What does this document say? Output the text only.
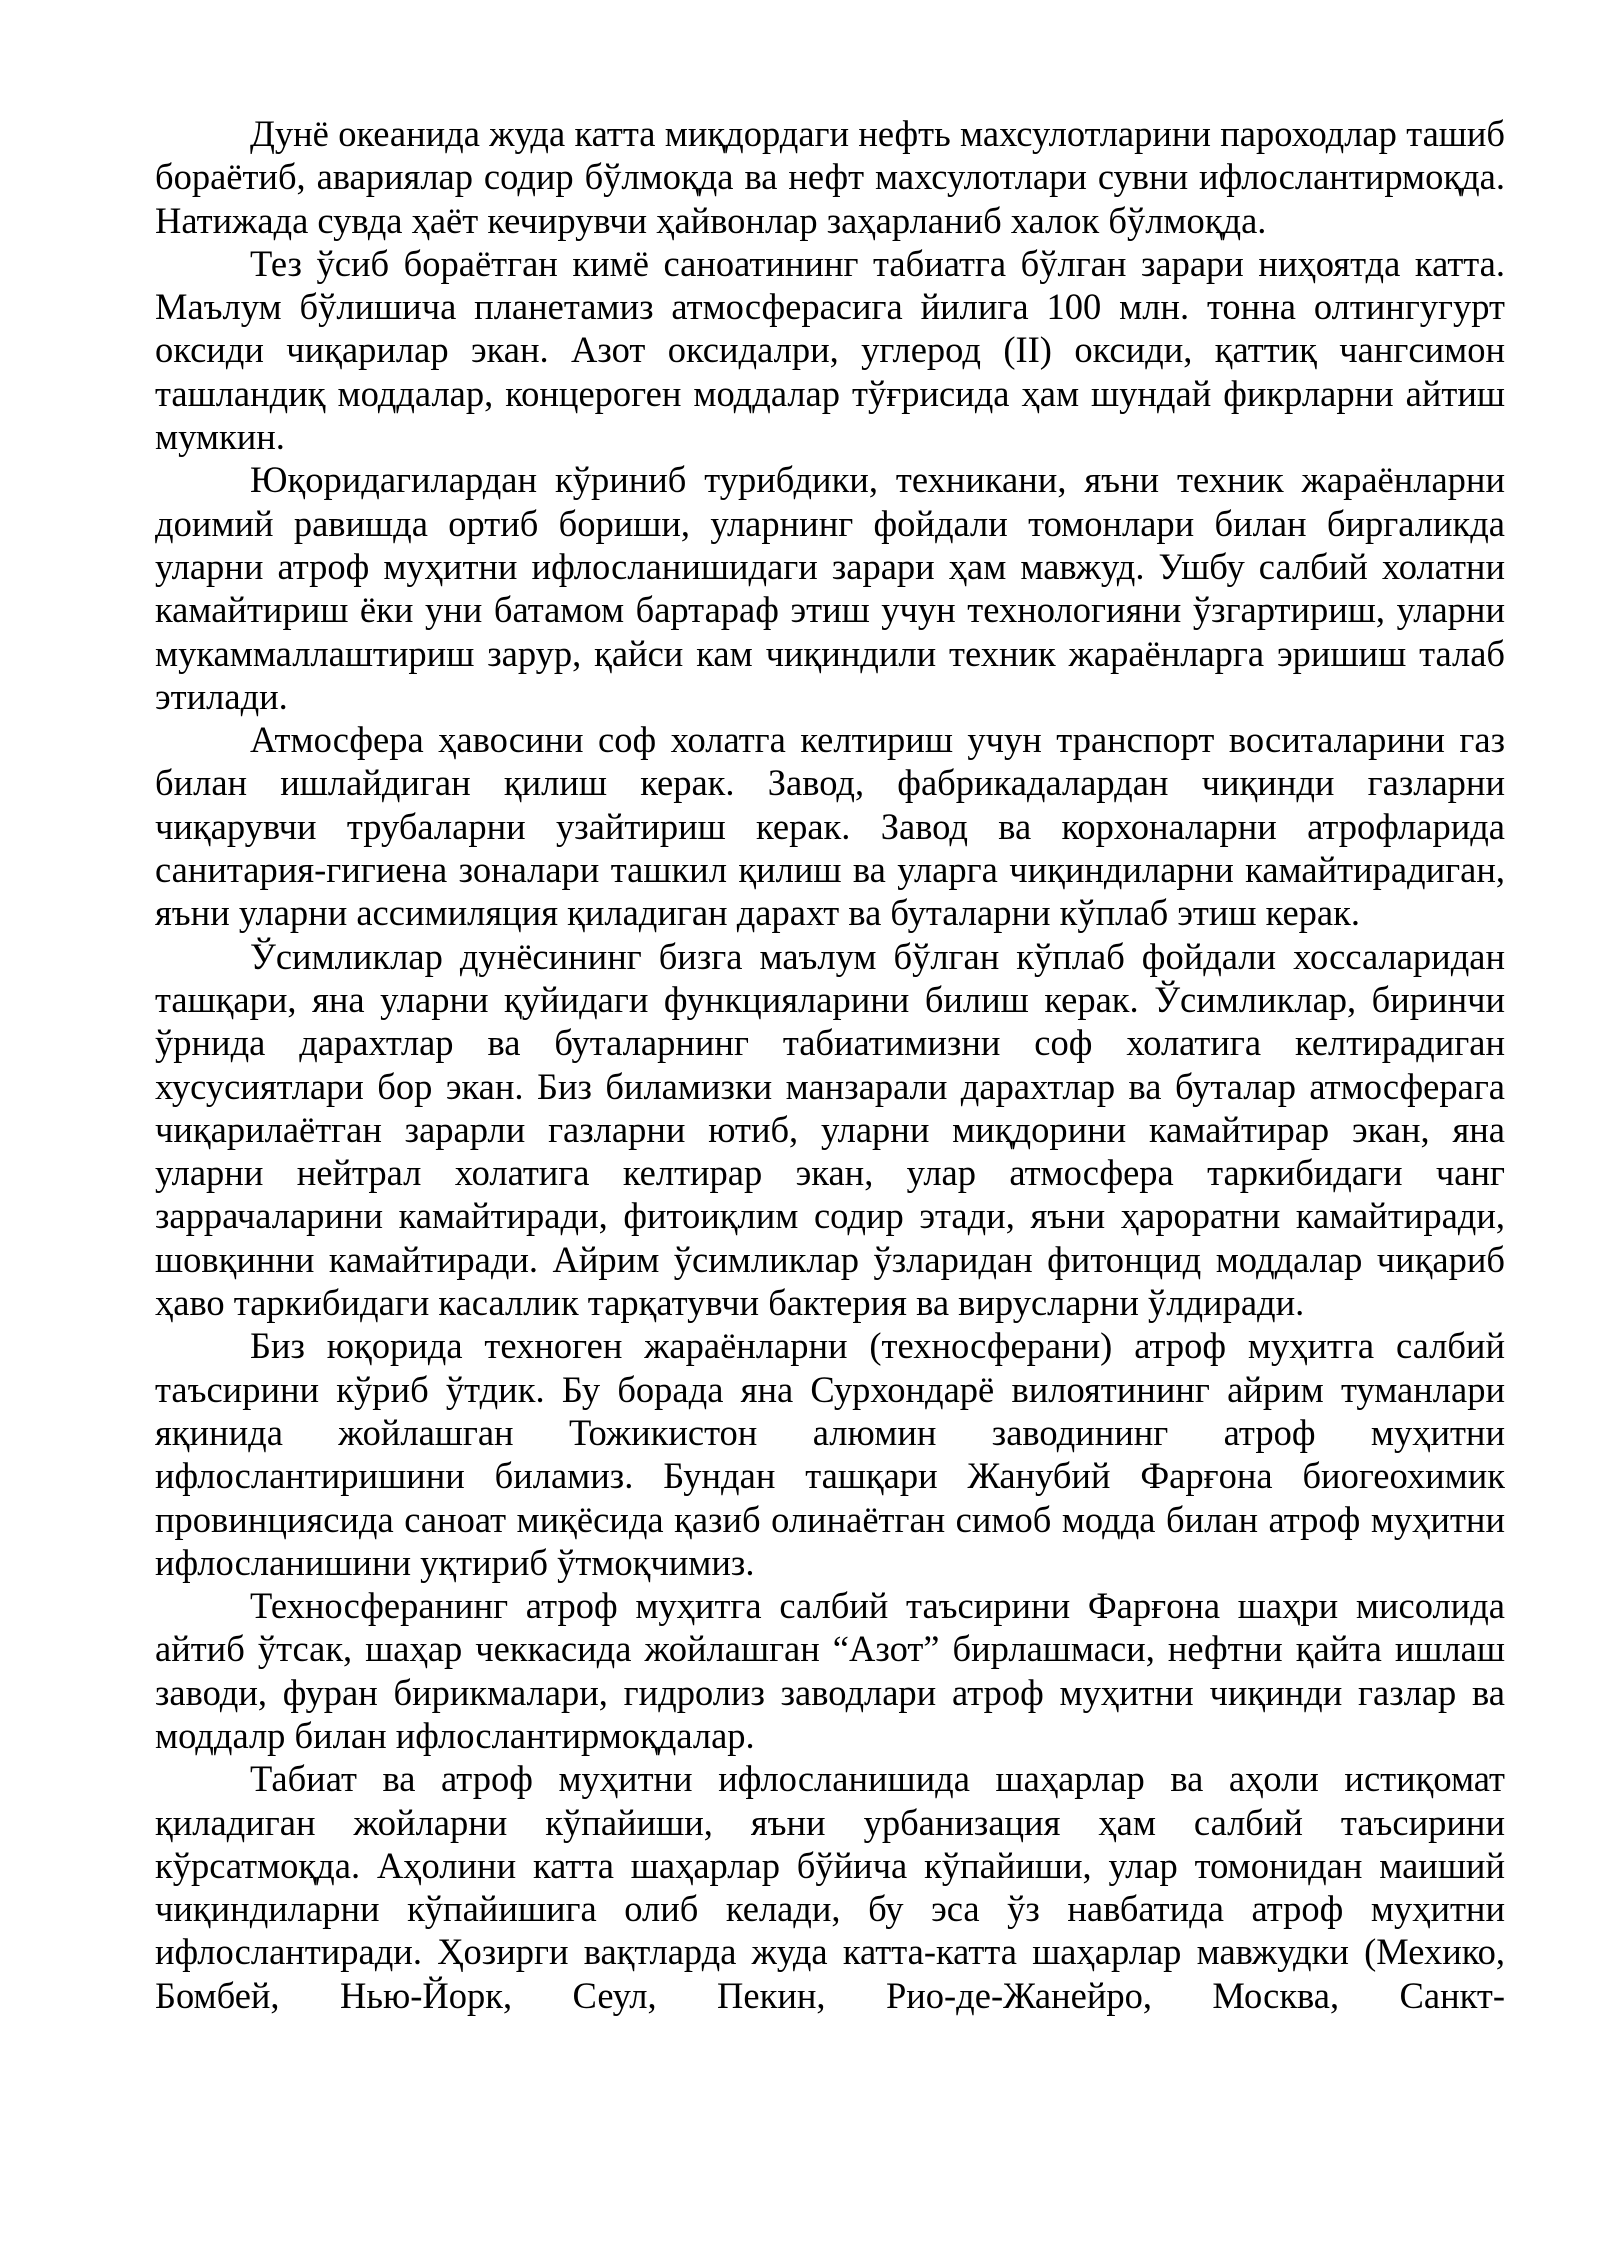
Дунё океанида жуда катта миқдордаги нефть махсулотларини пароходлар ташиб бораётиб, авариялар содир бўлмоқда ва нефт махсулотлари сувни ифлослантирмоқда. Натижада сувда ҳаёт кечирувчи ҳайвонлар заҳарланиб халок бўлмоқда.

Тез ўсиб бораётган кимё саноатининг табиатга бўлган зарари ниҳоятда катта. Маълум бўлишича планетамиз атмосферасига йилига 100 млн. тонна олтингугурт оксиди чиқарилар экан. Азот оксидалри, углерод (II) оксиди, қаттиқ чангсимон ташландиқ моддалар, концероген моддалар тўғрисида ҳам шундай фикрларни айтиш мумкин.

Юқоридагилардан кўриниб турибдики, техникани, яъни техник жараёнларни доимий равишда ортиб бориши, уларнинг фойдали томонлари билан биргаликда уларни атроф муҳитни ифлосланишидаги зарари ҳам мавжуд. Ушбу салбий холатни камайтириш ёки уни батамом бартараф этиш учун технологияни ўзгартириш, уларни мукаммаллаштириш зарур, қайси кам чиқиндили техник жараёнларга эришиш талаб этилади.

Атмосфера ҳавосини соф холатга келтириш учун транспорт воситаларини газ билан ишлайдиган қилиш керак. Завод, фабрикадалардан чиқинди газларни чиқарувчи трубаларни узайтириш керак. Завод ва корхоналарни атрофларида санитария-гигиена зоналари ташкил қилиш ва уларга чиқиндиларни камайтирадиган, яъни уларни ассимиляция қиладиган дарахт ва буталарни кўплаб этиш керак.

Ўсимликлар дунёсининг бизга маълум бўлган кўплаб фойдали хоссаларидан ташқари, яна уларни қуйидаги функцияларини билиш керак. Ўсимликлар, биринчи ўрнида дарахтлар ва буталарнинг табиатимизни соф холатига келтирадиган хусусиятлари бор экан. Биз биламизки манзарали дарахтлар ва буталар атмосферага чиқарилаётган зарарли газларни ютиб, уларни миқдорини камайтирар экан, яна уларни нейтрал холатига келтирар экан, улар атмосфера таркибидаги чанг заррачаларини камайтиради, фитоиқлим содир этади, яъни ҳароратни камайтиради, шовқинни камайтиради. Айрим ўсимликлар ўзларидан фитонцид моддалар чиқариб ҳаво таркибидаги касаллик тарқатувчи бактерия ва вирусларни ўлдиради.

Биз юқорида техноген жараёнларни (техносферани) атроф муҳитга салбий таъсирини кўриб ўтдик. Бу борада яна Сурхондарё вилоятининг айрим туманлари яқинида жойлашган Тожикистон алюмин заводининг атроф муҳитни ифлослантиришини биламиз. Бундан ташқари Жанубий Фарғона биогеохимик провинциясида саноат миқёсида қазиб олинаётган симоб модда билан атроф муҳитни ифлосланишини уқтириб ўтмоқчимиз.

Техносферанинг атроф муҳитга салбий таъсирини Фарғона шаҳри мисолида айтиб ўтсак, шаҳар чеккасида жойлашган “Азот” бирлашмаси, нефтни қайта ишлаш заводи, фуран бирикмалари, гидролиз заводлари атроф муҳитни чиқинди газлар ва моддалр билан ифлослантирмоқдалар.

Табиат ва атроф муҳитни ифлосланишида шаҳарлар ва аҳоли истиқомат қиладиган жойларни кўпайиши, яъни урбанизация ҳам салбий таъсирини кўрсатмоқда. Аҳолини катта шаҳарлар бўйича кўпайиши, улар томонидан маиший чиқиндиларни кўпайишига олиб келади, бу эса ўз навбатида атроф муҳитни ифлослантиради. Ҳозирги вақтларда жуда катта-катта шаҳарлар мавжудки (Мехико, Бомбей, Нью-Йорк, Сеул, Пекин, Рио-де-Жанейро, Москва, Санкт-
